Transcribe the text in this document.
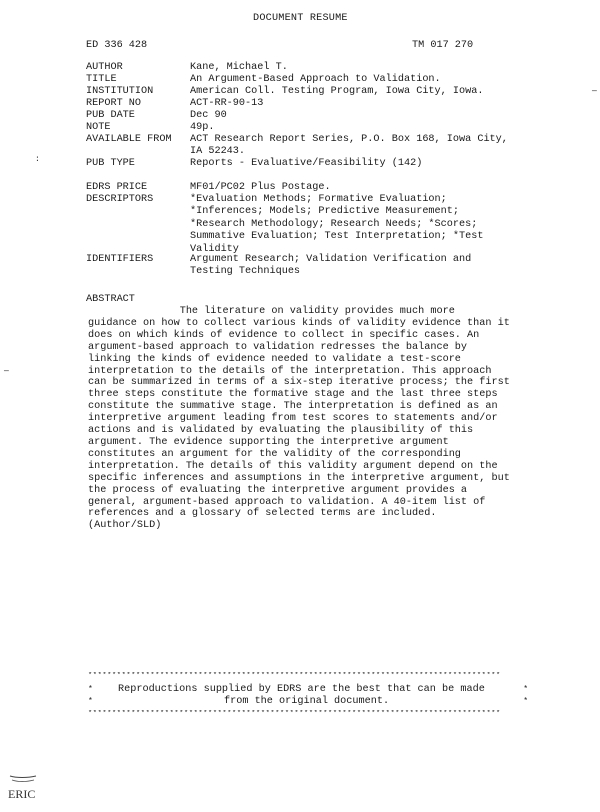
DOCUMENT RESUME
ED 336 428	TM 017 270
AUTHOR	Kane, Michael T.
TITLE	An Argument-Based Approach to Validation.
INSTITUTION	American Coll. Testing Program, Iowa City, Iowa.
REPORT NO	ACT-RR-90-13
PUB DATE	Dec 90
NOTE	49p.
AVAILABLE FROM ACT Research Report Series, P.O. Box 168, Iowa City,
IA 52243.
PUB TYPE	Reports - Evaluative/Feasibility (142)
EDRS PRICE	MF01/PC02 Plus Postage.
DESCRIPTORS	*Evaluation Methods; Formative Evaluation;
*Inferences; Models; Predictive Measurement;
*Research Methodology; Research Needs; *Scores;
Summative Evaluation; Test Interpretation; *Test
Validity
IDENTIFIERS	Argument Research; Validation Verification and
Testing Techniques
ABSTRACT
The literature on validity provides much more
guidance on how to collect various kinds of validity evidence than it
does on which kinds of evidence to collect in specific cases. An
argument-based approach to validation redresses the balance by
linking the kinds of evidence needed to validate a test-score
interpretation to the details of the interpretation. This approach
can be summarized in terms of a six-step iterative process; the first
three steps constitute the formative stage and the last three steps
constitute the summative stage. The interpretation is defined as an
interpretive argument leading from test scores to statements and/or
actions and is validated by evaluating the plausibility of this
argument. The evidence supporting the interpretive argument
constitutes an argument for the validity of the corresponding
interpretation. The details of this validity argument depend on the
specific inferences and assumptions in the interpretive argument, but
the process of evaluating the interpretive argument provides a
general, argument-based approach to validation. A 40-item list of
references and a glossary of selected terms are included.
(Author/SLD)
:
—
—
**************************************************************************************
* Reproductions supplied by EDRS are the best that can be made	*
*	from the original document.	*
**************************************************************************************
ERIC
